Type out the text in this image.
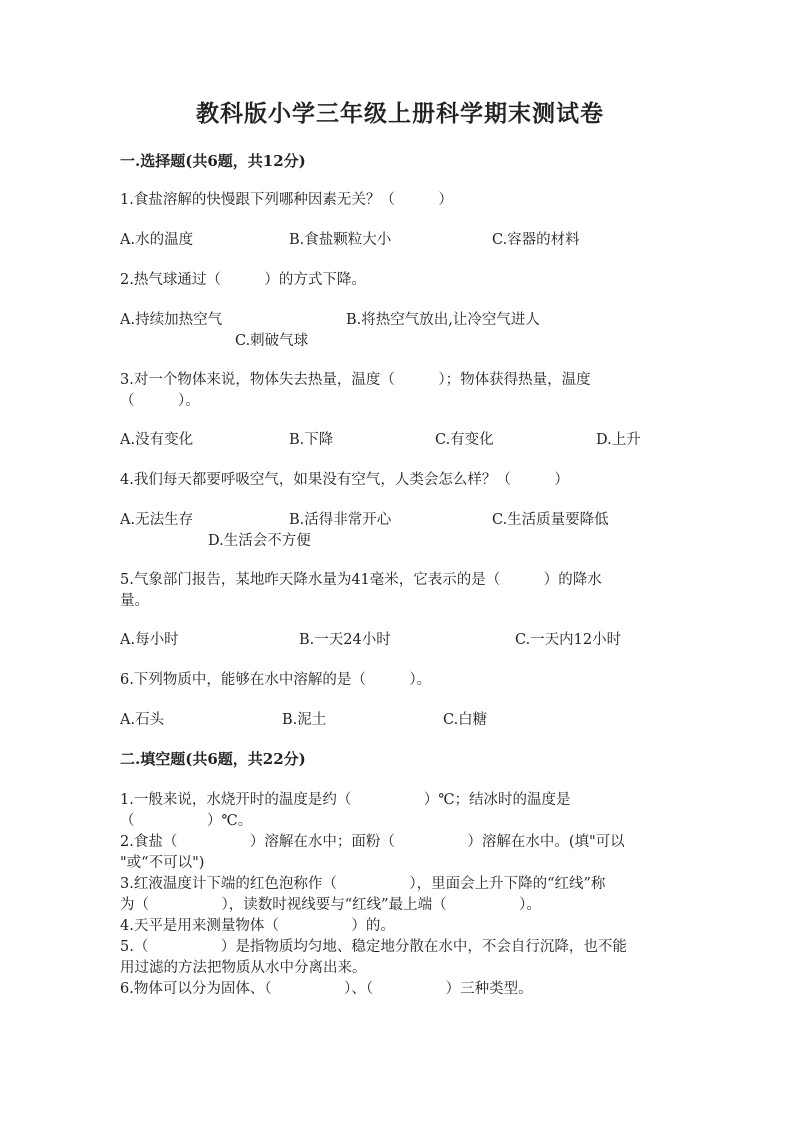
教科版小学三年级上册科学期末测试卷
一.选择题(共6题，共12分)
1.食盐溶解的快慢跟下列哪种因素无关？（　　　）
A.水的温度	B.食盐颗粒大小	C.容器的材料
2.热气球通过（　　　）的方式下降。
A.持续加热空气	B.将热空气放出,让冷空气进人
C.刺破气球
3.对一个物体来说，物体失去热量，温度（　　　）；物体获得热量，温度
（　　　）。
A.没有变化	B.下降	C.有变化	D.上升
4.我们每天都要呼吸空气，如果没有空气，人类会怎么样？（　　　）
A.无法生存	B.活得非常开心	C.生活质量要降低
D.生活会不方便
5.气象部门报告，某地昨天降水量为41毫米，它表示的是（　　　）的降水
量。
A.每小时	B.一天24小时	C.一天内12小时
6.下列物质中，能够在水中溶解的是（　　　）。
A.石头	B.泥土	C.白糖
二.填空题(共6题，共22分)
1.一般来说，水烧开时的温度是约（　　　　　）℃；结冰时的温度是
（　　　　　）℃。
2.食盐（　　　　　）溶解在水中；面粉（　　　　　）溶解在水中。(填"可以
"或“不可以")
3.红液温度计下端的红色泡称作（　　　　　），里面会上升下降的“红线”称
为（　　　　　），读数时视线要与“红线”最上端（　　　　　）。
4.天平是用来测量物体（　　　　　）的。
5.（　　　　　）是指物质均匀地、稳定地分散在水中，不会自行沉降，也不能
用过滤的方法把物质从水中分离出来。
6.物体可以分为固体、（　　　　　）、（　　　　　）三种类型。
